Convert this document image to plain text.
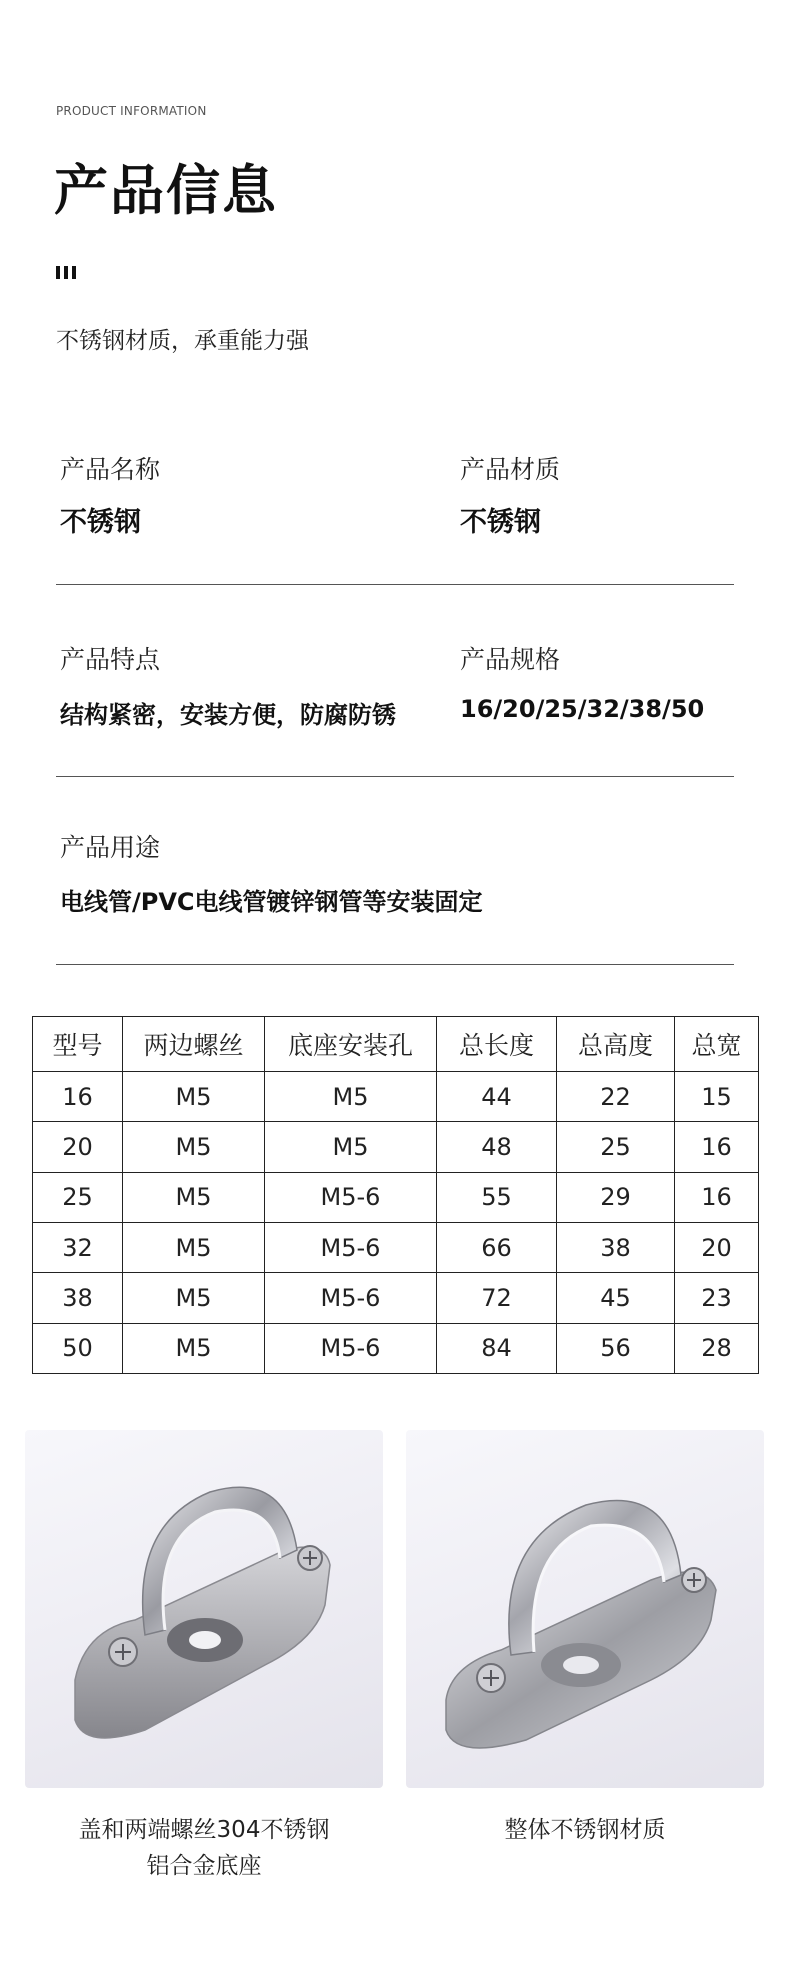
PRODUCT INFORMATION
产品信息
不锈钢材质，承重能力强
产品名称
不锈钢
产品材质
不锈钢
产品特点
结构紧密，安装方便，防腐防锈
产品规格
16/20/25/32/38/50
产品用途
电线管/PVC电线管镀锌钢管等安装固定
型号	两边螺丝	底座安装孔	总长度	总高度	总宽
16	M5	M5	44	22	15
20	M5	M5	48	25	16
25	M5	M5-6	55	29	16
32	M5	M5-6	66	38	20
38	M5	M5-6	72	45	23
50	M5	M5-6	84	56	28
盖和两端螺丝304不锈钢
铝合金底座
整体不锈钢材质
